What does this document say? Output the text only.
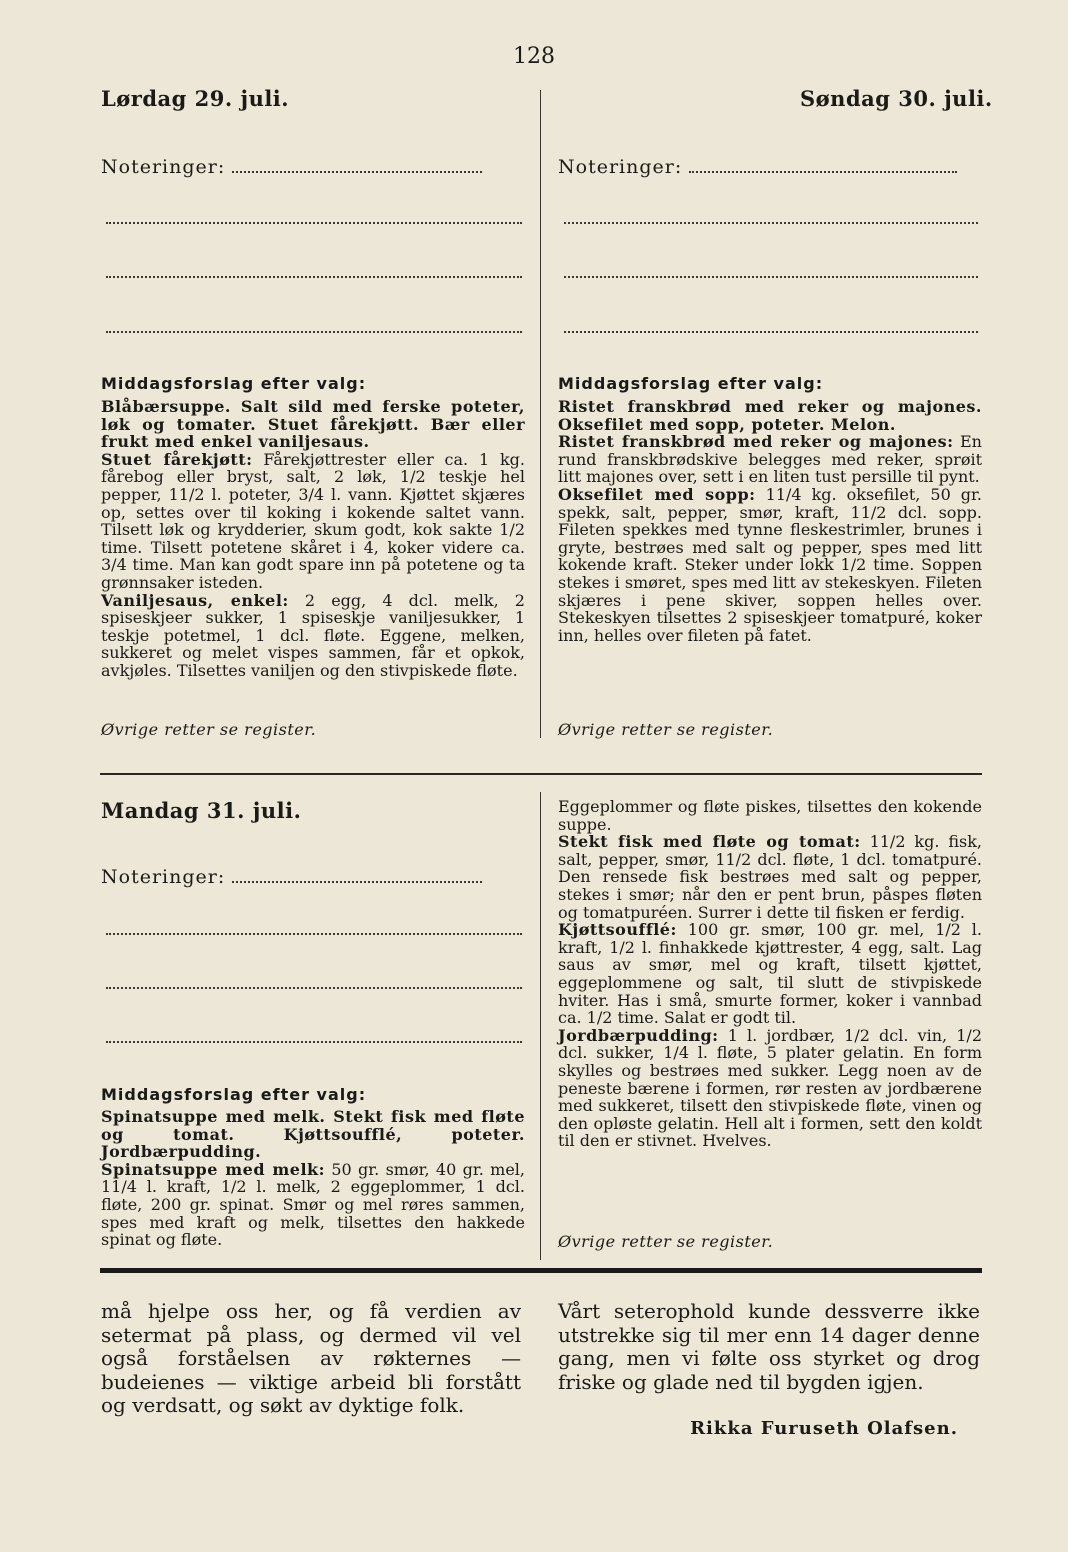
128
Lørdag 29. juli.
Noteringer:
Middagsforslag efter valg:

Blåbærsuppe. Salt sild med ferske poteter, løk og tomater. Stuet fårekjøtt. Bær eller frukt med enkel vaniljesaus.

Stuet fårekjøtt: Fårekjøttrester eller ca. 1 kg. fårebog eller bryst, salt, 2 løk, 1/2 teskje hel pepper, 11/2 l. poteter, 3/4 l. vann. Kjøttet skjæres op, settes over til koking i kokende saltet vann. Tilsett løk og krydderier, skum godt, kok sakte 1/2 time. Tilsett potetene skåret i 4, koker videre ca. 3/4 time. Man kan godt spare inn på potetene og ta grønnsaker isteden.

Vaniljesaus, enkel: 2 egg, 4 dcl. melk, 2 spiseskjeer sukker, 1 spiseskje vaniljesukker, 1 teskje potetmel, 1 dcl. fløte. Eggene, melken, sukkeret og melet vispes sammen, får et opkok, avkjøles. Tilsettes vaniljen og den stivpiskede fløte.

Øvrige retter se register.
Søndag 30. juli.
Noteringer:
Middagsforslag efter valg:

Ristet franskbrød med reker og majones. Oksefilet med sopp, poteter. Melon.

Ristet franskbrød med reker og majones: En rund franskbrødskive belegges med reker, sprøit litt majones over, sett i en liten tust persille til pynt.

Oksefilet med sopp: 11/4 kg. oksefilet, 50 gr. spekk, salt, pepper, smør, kraft, 11/2 dcl. sopp. Fileten spekkes med tynne fleskestrimler, brunes i gryte, bestrøes med salt og pepper, spes med litt kokende kraft. Steker under lokk 1/2 time. Soppen stekes i smøret, spes med litt av stekeskyen. Fileten skjæres i pene skiver, soppen helles over. Stekeskyen tilsettes 2 spiseskjeer tomatpuré, koker inn, helles over fileten på fatet.

Øvrige retter se register.
Mandag 31. juli.
Noteringer:
Middagsforslag efter valg:

Spinatsuppe med melk. Stekt fisk med fløte og tomat. Kjøttsoufflé, poteter. Jordbærpudding.

Spinatsuppe med melk: 50 gr. smør, 40 gr. mel, 11/4 l. kraft, 1/2 l. melk, 2 eggeplommer, 1 dcl. fløte, 200 gr. spinat. Smør og mel røres sammen, spes med kraft og melk, tilsettes den hakkede spinat og fløte.

Eggeplommer og fløte piskes, tilsettes den kokende suppe.

Stekt fisk med fløte og tomat: 11/2 kg. fisk, salt, pepper, smør, 11/2 dcl. fløte, 1 dcl. tomatpuré. Den rensede fisk bestrøes med salt og pepper, stekes i smør; når den er pent brun, påspes fløten og tomatpuréen. Surrer i dette til fisken er ferdig.

Kjøttsoufflé: 100 gr. smør, 100 gr. mel, 1/2 l. kraft, 1/2 l. finhakkede kjøttrester, 4 egg, salt. Lag saus av smør, mel og kraft, tilsett kjøttet, eggeplommene og salt, til slutt de stivpiskede hviter. Has i små, smurte former, koker i vannbad ca. 1/2 time. Salat er godt til.

Jordbærpudding: 1 l. jordbær, 1/2 dcl. vin, 1/2 dcl. sukker, 1/4 l. fløte, 5 plater gelatin. En form skylles og bestrøes med sukker. Legg noen av de peneste bærene i formen, rør resten av jordbærene med sukkeret, tilsett den stivpiskede fløte, vinen og den opløste gelatin. Hell alt i formen, sett den koldt til den er stivnet. Hvelves.

Øvrige retter se register.

må hjelpe oss her, og få verdien av setermat på plass, og dermed vil vel også forståelsen av røkternes — budeienes — viktige arbeid bli forstått og verdsatt, og søkt av dyktige folk.

Vårt seterophold kunde dessverre ikke utstrekke sig til mer enn 14 dager denne gang, men vi følte oss styrket og drog friske og glade ned til bygden igjen.

Rikka Furuseth Olafsen.
